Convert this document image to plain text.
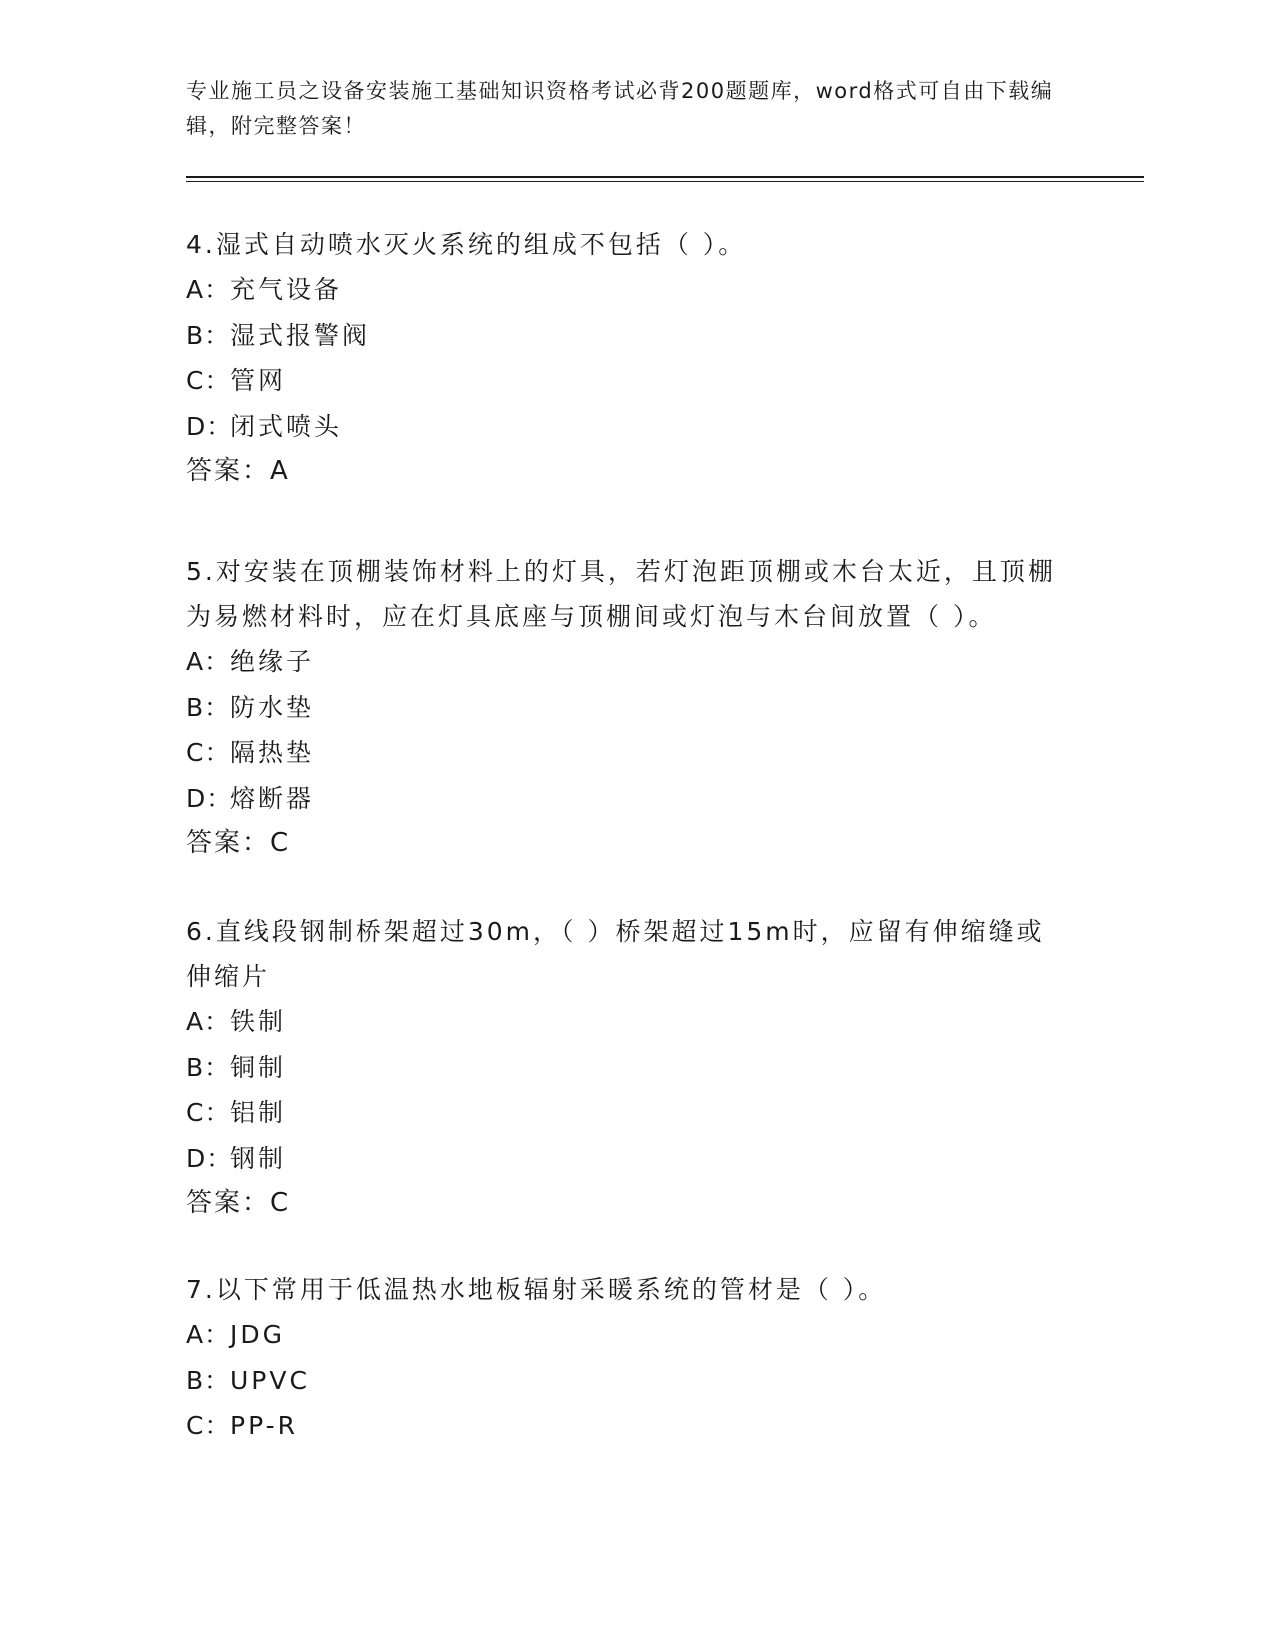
专业施工员之设备安装施工基础知识资格考试必背200题题库，word格式可自由下载编辑，附完整答案！

4.湿式自动喷水灭火系统的组成不包括（ ）。

A：充气设备

B：湿式报警阀

C：管网

D：闭式喷头

答案：A

5.对安装在顶棚装饰材料上的灯具，若灯泡距顶棚或木台太近，且顶棚为易燃材料时，应在灯具底座与顶棚间或灯泡与木台间放置（ ）。

A：绝缘子

B：防水垫

C：隔热垫

D：熔断器

答案：C

6.直线段钢制桥架超过30m，（ ）桥架超过15m时，应留有伸缩缝或伸缩片

A：铁制

B：铜制

C：铝制

D：钢制

答案：C

7.以下常用于低温热水地板辐射采暖系统的管材是（ ）。

A：JDG

B：UPVC

C：PP-R
